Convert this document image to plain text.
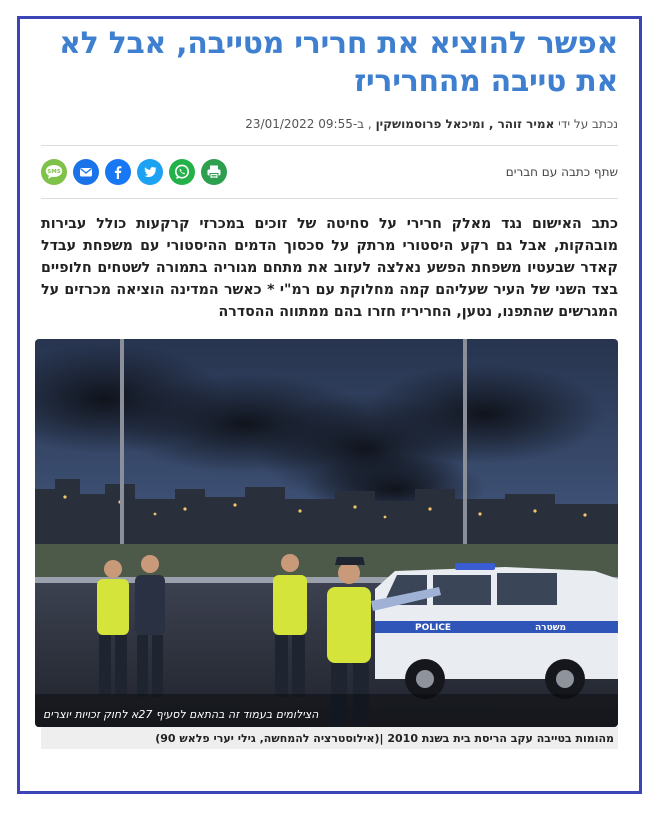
אפשר להוציא את חרירי מטייבה, אבל לא את טייבה מהחריריז
נכתב על ידי אמיר זוהר , ומיכאל פרוסמושקין , ב-23/01/2022 09:55
שתף כתבה עם חברים
SMS

כתב האישום נגד מאלק חרירי על סחיטה של זוכים במכרזי קרקעות כולל עבירות מובהקות, אבל גם רקע היסטורי מרתק על סכסוך הדמים ההיסטורי עם משפחת עבדל קאדר שבעטיו משפחת הפשע נאלצה לעזוב את מתחם מגוריה בתמורה לשטחים חלופיים בצד השני של העיר שעליהם קמה מחלוקת עם רמ"י * כאשר המדינה הוציאה מכרזים על המגרשים שהתפנו, נטען, החריריז חזרו בהם ממתווה ההסדרה

POLICE	משטרה
הצילומים בעמוד זה בהתאם לסעיף 27א לחוק זכויות יוצרים
מהומות בטייבה עקב הריסת בית בשנת 2010 |(אילוסטרציה להמחשה, גילי יערי פלאש 90)
